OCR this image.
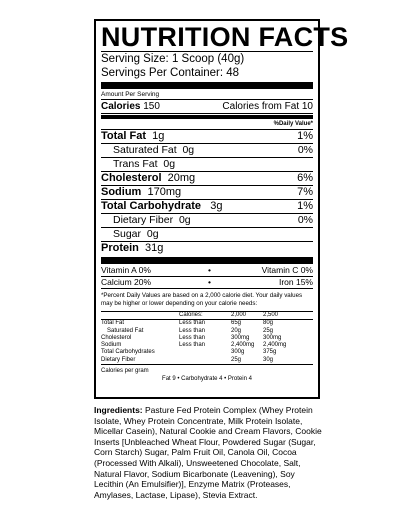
NUTRITION FACTS
Serving Size: 1 Scoop (40g)
Servings Per Container: 48
Amount Per Serving
Calories 150	Calories from Fat 10
%Daily Value*
Total Fat 1g	1%
Saturated Fat 0g	0%
Trans Fat 0g
Cholesterol 20mg	6%
Sodium 170mg	7%
Total Carbohydrate 3g	1%
Dietary Fiber 0g	0%
Sugar 0g
Protein 31g
Vitamin A 0%	•	Vitamin C 0%
Calcium 20%	•	Iron 15%
*Percent Daily Values are based on a 2,000 calorie diet. Your daily values may be higher or lower depending on your calorie needs:
	Calories:	2,000	2,500
Total Fat	Less than	65g	80g
Saturated Fat	Less than	20g	25g
Cholesterol	Less than	300mg	300mg
Sodium	Less than	2,400mg	2,400mg
Total Carbohydrates		300g	375g
Dietary Fiber		25g	30g
Calories per gram
Fat 9 • Carbohydrate 4 • Protein 4
Ingredients: Pasture Fed Protein Complex (Whey Protein Isolate, Whey Protein Concentrate, Milk Protein Isolate, Micellar Casein), Natural Cookie and Cream Flavors, Cookie Inserts [Unbleached Wheat Flour, Powdered Sugar (Sugar, Corn Starch) Sugar, Palm Fruit Oil, Canola Oil, Cocoa (Processed With Alkali), Unsweetened Chocolate, Salt, Natural Flavor, Sodium Bicarbonate (Leavening), Soy Lecithin (An Emulsifier)], Enzyme Matrix (Proteases, Amylases, Lactase, Lipase), Stevia Extract.
